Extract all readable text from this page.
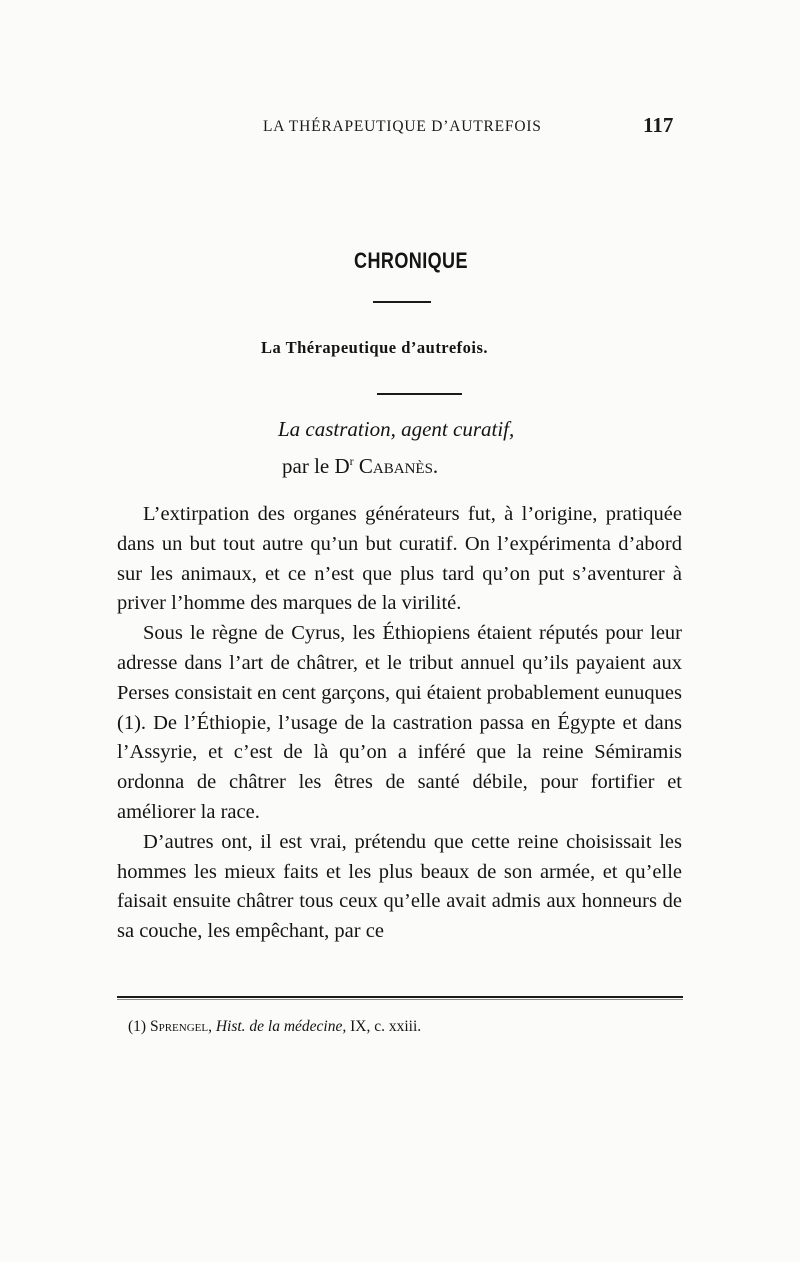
LA THÉRAPEUTIQUE D’AUTREFOIS	117
CHRONIQUE
La Thérapeutique d’autrefois.
La castration, agent curatif,
par le $D^r$ Cabanès.

L’extirpation des organes générateurs fut, à l’origine, pratiquée dans un but tout autre qu’un but curatif. On l’expérimenta d’abord sur les animaux, et ce n’est que plus tard qu’on put s’aventurer à priver l’homme des marques de la virilité.

Sous le règne de Cyrus, les Éthiopiens étaient réputés pour leur adresse dans l’art de châtrer, et le tribut annuel qu’ils payaient aux Perses consistait en cent garçons, qui étaient probablement eunuques (1). De l’Éthiopie, l’usage de la castration passa en Égypte et dans l’Assyrie, et c’est de là qu’on a inféré que la reine Sémiramis ordonna de châtrer les êtres de santé débile, pour fortifier et améliorer la race.

D’autres ont, il est vrai, prétendu que cette reine choisissait les hommes les mieux faits et les plus beaux de son armée, et qu’elle faisait ensuite châtrer tous ceux qu’elle avait admis aux honneurs de sa couche, les empêchant, par ce

(1) Sprengel, Hist. de la médecine, IX, c. xxiii.
